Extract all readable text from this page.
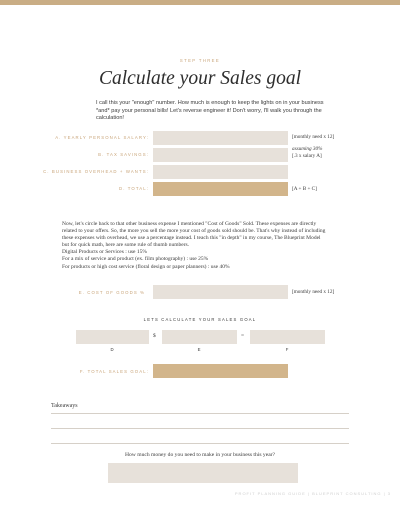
STEP THREE
Calculate your Sales goal
I call this your "enough" number. How much is enough to keep the lights on in your business *and* pay your personal bills! Let's reverse engineer it! Don't worry, I'll walk you through the calculation!
A. YEARLY PERSONAL SALARY:	[monthly need x 12]
B. TAX SAVINGS:
assuming 30%
[.3 x salary A]
C. BUSINESS OVERHEAD + WANTS:
D. TOTAL:	[A + B + C]
Now, let's circle back to that other business expense I mentioned "Cost of Goods" Sold. These expenses are directly
related to your offers. So, the more you sell the more your cost of goods sold should be. That's why instead of including
these expenses with overhead, we use a percentage instead. I teach this "in depth" in my course, The Blueprint Model
but for quick math, here are some rule of thumb numbers.
Digital Products or Services : use 15%
For a mix of service and product (ex. film photography) : use 25%
For products or high cost service (floral design or paper planners) : use 40%
E. COST OF GOODS %	[monthly need x 12]
LETS CALCULATE YOUR SALES GOAL
$	=
D	E	F
F. TOTAL SALES GOAL:
Takeaways
How much money do you need to make in your business this year?
PROFIT PLANNING GUIDE | BLUEPRINT CONSULTING | 3
